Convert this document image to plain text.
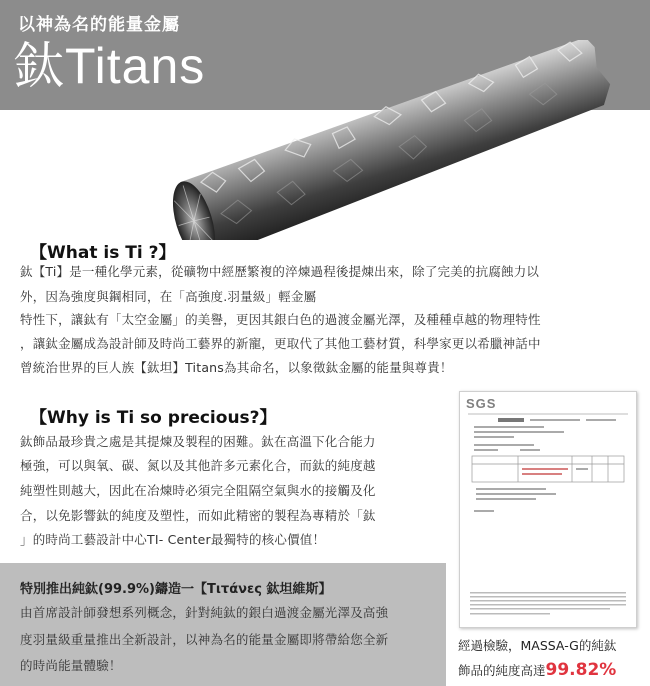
以神為名的能量金屬
鈦Titans
【What is Ti ?】
鈦【Ti】是一種化學元素，從礦物中經歷繁複的淬煉過程後提煉出來，除了完美的抗腐蝕力以
外，因為強度與鋼相同，在「高強度.羽量級」輕金屬
特性下，讓鈦有「太空金屬」的美譽，更因其銀白色的過渡金屬光澤，及種種卓越的物理特性
，讓鈦金屬成為設計師及時尚工藝界的新寵，更取代了其他工藝材質，科學家更以希臘神話中
曾統治世界的巨人族【鈦坦】Titans為其命名，以象徵鈦金屬的能量與尊貴！
【Why is Ti so precious?】
鈦飾品最珍貴之處是其提煉及製程的困難。鈦在高溫下化合能力
極強，可以與氧、碳、氮以及其他許多元素化合，而鈦的純度越
純塑性則越大，因此在冶煉時必須完全阻隔空氣與水的接觸及化
合，以免影響鈦的純度及塑性，而如此精密的製程為專精於「鈦
」的時尚工藝設計中心TI- Center最獨特的核心價值！
特別推出純鈦(99.9%)鑄造一【Τιτάνες 鈦坦維斯】
由首席設計師發想系列概念，針對純鈦的銀白過渡金屬光澤及高強
度羽量級重量推出全新設計，以神為名的能量金屬即將帶給您全新
的時尚能量體驗！
SGS
經過檢驗，MASSA-G的純鈦
飾品的純度高達99.82%
